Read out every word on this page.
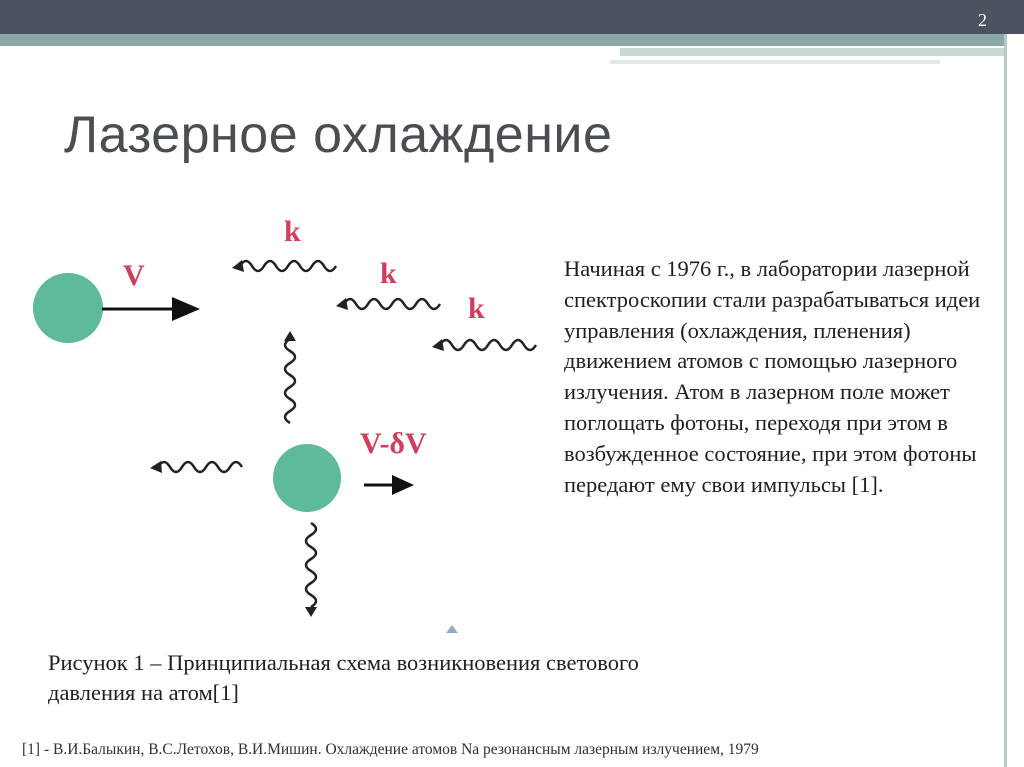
2
Лазерное охлаждение
V
k
k
k
V-δV
Начиная с 1976 г., в лаборатории лазерной спектроскопии стали разрабатываться идеи управления (охлаждения, пленения) движением атомов с помощью лазерного излучения. Атом в лазерном поле может поглощать фотоны, переходя при этом в возбужденное состояние, при этом фотоны передают ему свои импульсы [1].
Рисунок 1 – Принципиальная схема возникновения светового давления на атом[1]
[1] - В.И.Балыкин, В.С.Летохов, В.И.Мишин. Охлаждение атомов Na резонансным лазерным излучением, 1979
